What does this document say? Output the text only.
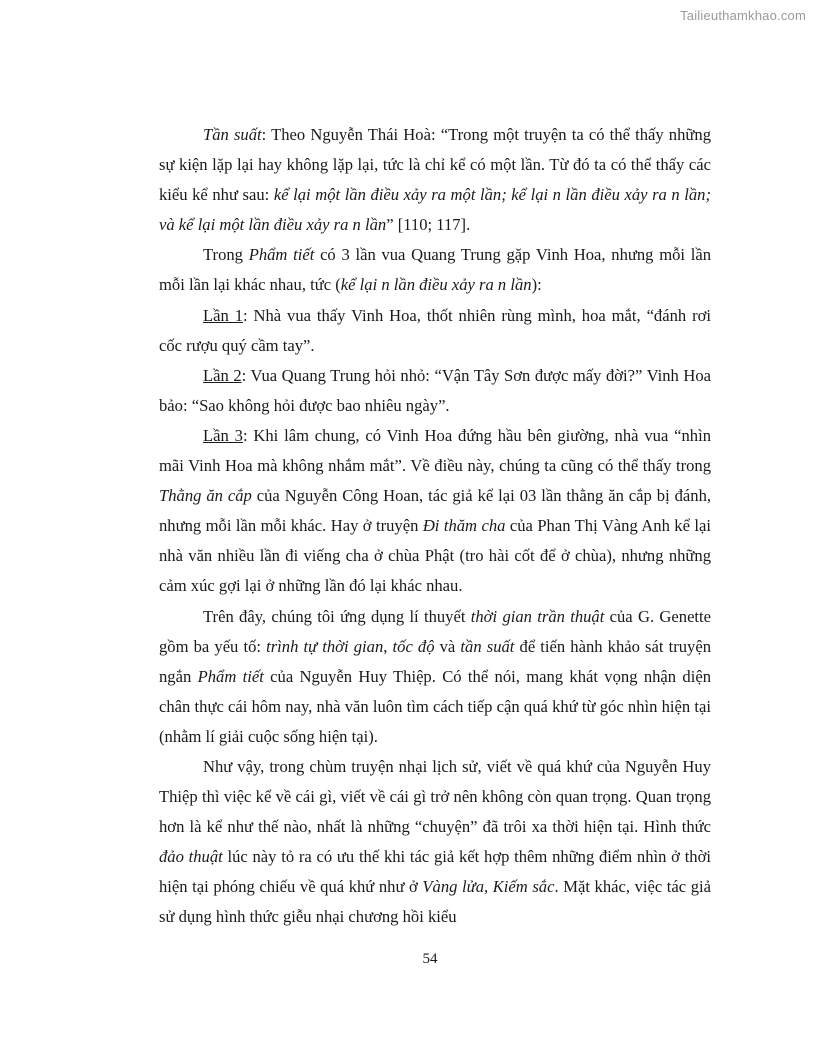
Tailieuthamkhao.com

Tần suất: Theo Nguyễn Thái Hoà: “Trong một truyện ta có thể thấy những sự kiện lặp lại hay không lặp lại, tức là chỉ kể có một lần. Từ đó ta có thể thấy các kiểu kể như sau: kể lại một lần điều xảy ra một lần; kể lại n lần điều xảy ra n lần; và kể lại một lần điều xảy ra n lần” [110; 117].

Trong Phẩm tiết có 3 lần vua Quang Trung gặp Vinh Hoa, nhưng mỗi lần mỗi lần lại khác nhau, tức (kể lại n lần điều xảy ra n lần):

Lần 1: Nhà vua thấy Vinh Hoa, thốt nhiên rùng mình, hoa mắt, “đánh rơi cốc rượu quý cầm tay”.

Lần 2: Vua Quang Trung hỏi nhỏ: “Vận Tây Sơn được mấy đời?” Vinh Hoa bảo: “Sao không hỏi được bao nhiêu ngày”.

Lần 3: Khi lâm chung, có Vinh Hoa đứng hầu bên giường, nhà vua “nhìn mãi Vinh Hoa mà không nhắm mắt”. Về điều này, chúng ta cũng có thể thấy trong Thằng ăn cắp của Nguyễn Công Hoan, tác giả kể lại 03 lần thằng ăn cắp bị đánh, nhưng mỗi lần mỗi khác. Hay ở truyện Đi thăm cha của Phan Thị Vàng Anh kể lại nhà văn nhiều lần đi viếng cha ở chùa Phật (tro hài cốt để ở chùa), nhưng những cảm xúc gợi lại ở những lần đó lại khác nhau.

Trên đây, chúng tôi ứng dụng lí thuyết thời gian trần thuật của G. Genette gồm ba yếu tố: trình tự thời gian, tốc độ và tần suất để tiến hành khảo sát truyện ngắn Phẩm tiết của Nguyễn Huy Thiệp. Có thể nói, mang khát vọng nhận diện chân thực cái hôm nay, nhà văn luôn tìm cách tiếp cận quá khứ từ góc nhìn hiện tại (nhằm lí giải cuộc sống hiện tại).

Như vậy, trong chùm truyện nhại lịch sử, viết về quá khứ của Nguyễn Huy Thiệp thì việc kể về cái gì, viết về cái gì trở nên không còn quan trọng. Quan trọng hơn là kể như thế nào, nhất là những “chuyện” đã trôi xa thời hiện tại. Hình thức đảo thuật lúc này tỏ ra có ưu thế khi tác giả kết hợp thêm những điểm nhìn ở thời hiện tại phóng chiếu về quá khứ như ở Vàng lửa, Kiếm sắc. Mặt khác, việc tác giả sử dụng hình thức giễu nhại chương hồi kiểu

54
